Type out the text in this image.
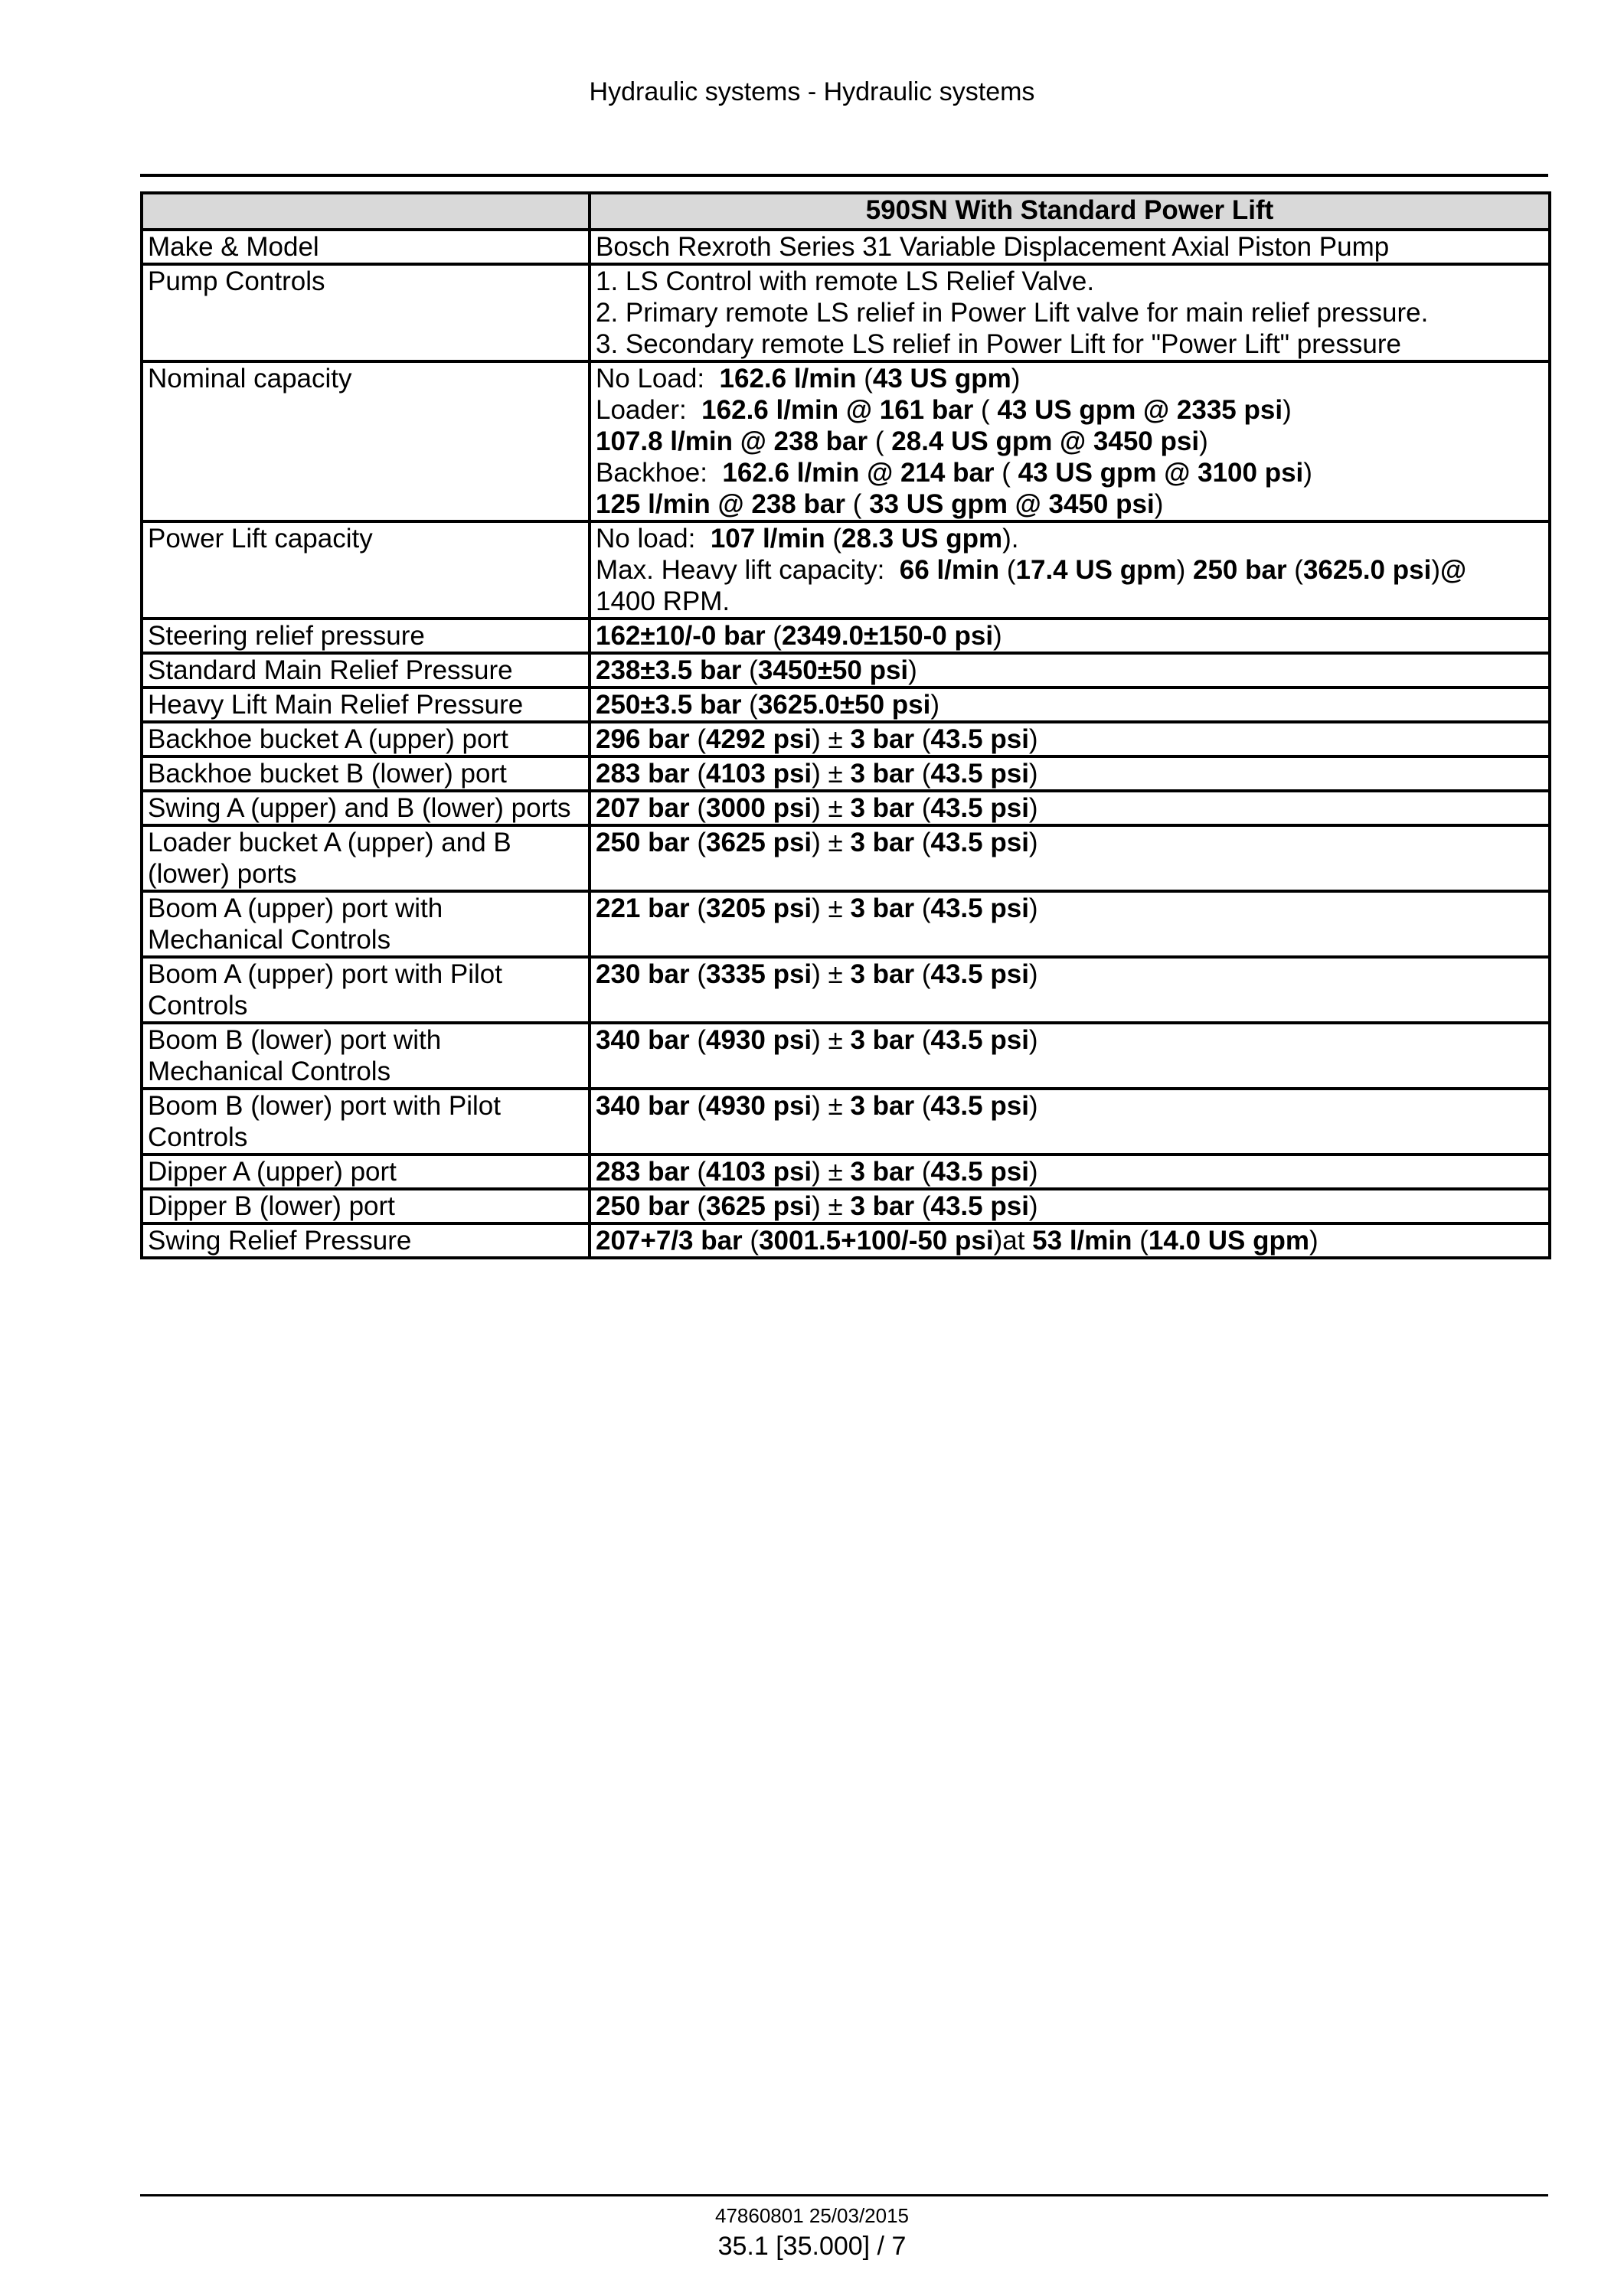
Hydraulic systems - Hydraulic systems
	590SN With Standard Power Lift
Make & Model	Bosch Rexroth Series 31 Variable Displacement Axial Piston Pump
Pump Controls	1. LS Control with remote LS Relief Valve.
2. Primary remote LS relief in Power Lift valve for main relief pressure.
3. Secondary remote LS relief in Power Lift for "Power Lift" pressure

Nominal capacity	No Load: 162.6 l/min (43 US gpm)
Loader: 162.6 l/min @ 161 bar ( 43 US gpm @ 2335 psi)
107.8 l/min @ 238 bar ( 28.4 US gpm @ 3450 psi)
Backhoe: 162.6 l/min @ 214 bar ( 43 US gpm @ 3100 psi)
125 l/min @ 238 bar ( 33 US gpm @ 3450 psi)

Power Lift capacity	No load: 107 l/min (28.3 US gpm).
Max. Heavy lift capacity: 66 l/min (17.4 US gpm) 250 bar (3625.0 psi)@
1400 RPM.

Steering relief pressure	162±10/-0 bar (2349.0±150-0 psi)
Standard Main Relief Pressure	238±3.5 bar (3450±50 psi)
Heavy Lift Main Relief Pressure	250±3.5 bar (3625.0±50 psi)
Backhoe bucket A (upper) port	296 bar (4292 psi) ± 3 bar (43.5 psi)
Backhoe bucket B (lower) port	283 bar (4103 psi) ± 3 bar (43.5 psi)
Swing A (upper) and B (lower) ports	207 bar (3000 psi) ± 3 bar (43.5 psi)
Loader bucket A (upper) and B (lower) ports	250 bar (3625 psi) ± 3 bar (43.5 psi)
Boom A (upper) port with Mechanical Controls	221 bar (3205 psi) ± 3 bar (43.5 psi)
Boom A (upper) port with Pilot Controls	230 bar (3335 psi) ± 3 bar (43.5 psi)
Boom B (lower) port with Mechanical Controls	340 bar (4930 psi) ± 3 bar (43.5 psi)
Boom B (lower) port with Pilot Controls	340 bar (4930 psi) ± 3 bar (43.5 psi)
Dipper A (upper) port	283 bar (4103 psi) ± 3 bar (43.5 psi)
Dipper B (lower) port	250 bar (3625 psi) ± 3 bar (43.5 psi)
Swing Relief Pressure	207+7/3 bar (3001.5+100/-50 psi)at 53 l/min (14.0 US gpm)
47860801 25/03/2015
35.1 [35.000] / 7
